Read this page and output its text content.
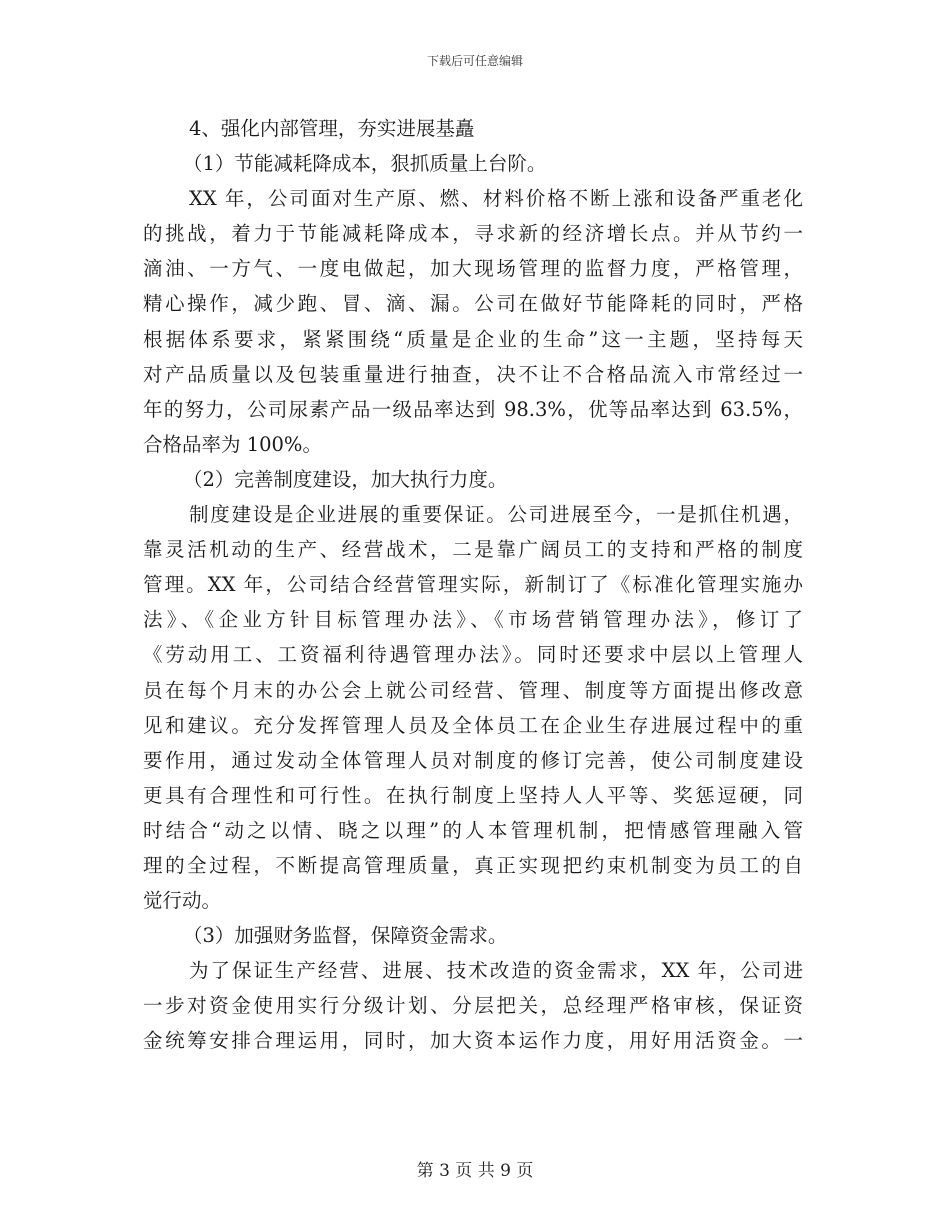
下载后可任意编辑
4、强化内部管理，夯实进展基矗
（1）节能减耗降成本，狠抓质量上台阶。
XX 年，公司面对生产原、燃、材料价格不断上涨和设备严重老化
的挑战，着力于节能减耗降成本，寻求新的经济增长点。并从节约一
滴油、一方气、一度电做起，加大现场管理的监督力度，严格管理，
精心操作，减少跑、冒、滴、漏。公司在做好节能降耗的同时，严格
根据体系要求，紧紧围绕“质量是企业的生命”这一主题，坚持每天
对产品质量以及包装重量进行抽查，决不让不合格品流入市常经过一
年的努力，公司尿素产品一级品率达到 98.3%，优等品率达到 63.5%，
合格品率为 100%。
（2）完善制度建设，加大执行力度。
制度建设是企业进展的重要保证。公司进展至今，一是抓住机遇，
靠灵活机动的生产、经营战术，二是靠广阔员工的支持和严格的制度
管理。XX 年，公司结合经营管理实际，新制订了《标准化管理实施办
法》、《企业方针目标管理办法》、《市场营销管理办法》，修订了
《劳动用工、工资福利待遇管理办法》。同时还要求中层以上管理人
员在每个月末的办公会上就公司经营、管理、制度等方面提出修改意
见和建议。充分发挥管理人员及全体员工在企业生存进展过程中的重
要作用，通过发动全体管理人员对制度的修订完善，使公司制度建设
更具有合理性和可行性。在执行制度上坚持人人平等、奖惩逗硬，同
时结合“动之以情、晓之以理”的人本管理机制，把情感管理融入管
理的全过程，不断提高管理质量，真正实现把约束机制变为员工的自
觉行动。
（3）加强财务监督，保障资金需求。
为了保证生产经营、进展、技术改造的资金需求，XX 年，公司进
一步对资金使用实行分级计划、分层把关，总经理严格审核，保证资
金统筹安排合理运用，同时，加大资本运作力度，用好用活资金。一
第 3 页 共 9 页
